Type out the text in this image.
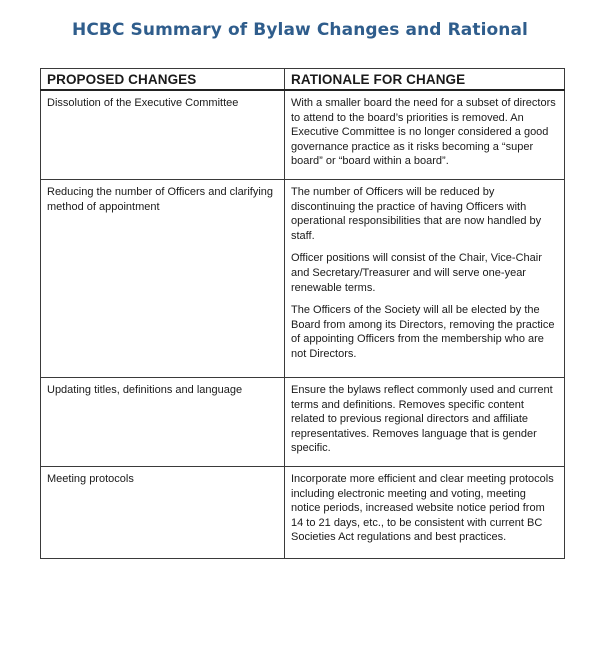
HCBC Summary of Bylaw Changes and Rational
PROPOSED CHANGES	RATIONALE FOR CHANGE
Dissolution of the Executive Committee	With a smaller board the need for a subset of directors to attend to the board’s priorities is removed. An Executive Committee is no longer considered a good governance practice as it risks becoming a “super board” or “board within a board”.

Reducing the number of Officers and clarifying method of appointment	The number of Officers will be reduced by discontinuing the practice of having Officers with operational responsibilities that are now handled by staff.

Officer positions will consist of the Chair, Vice-Chair and Secretary/Treasurer and will serve one-year renewable terms.

The Officers of the Society will all be elected by the Board from among its Directors, removing the practice of appointing Officers from the membership who are not Directors.

Updating titles, definitions and language	Ensure the bylaws reflect commonly used and current terms and definitions. Removes specific content related to previous regional directors and affiliate representatives. Removes language that is gender specific.

Meeting protocols	Incorporate more efficient and clear meeting protocols including electronic meeting and voting, meeting notice periods, increased website notice period from 14 to 21 days, etc., to be consistent with current BC Societies Act regulations and best practices.
